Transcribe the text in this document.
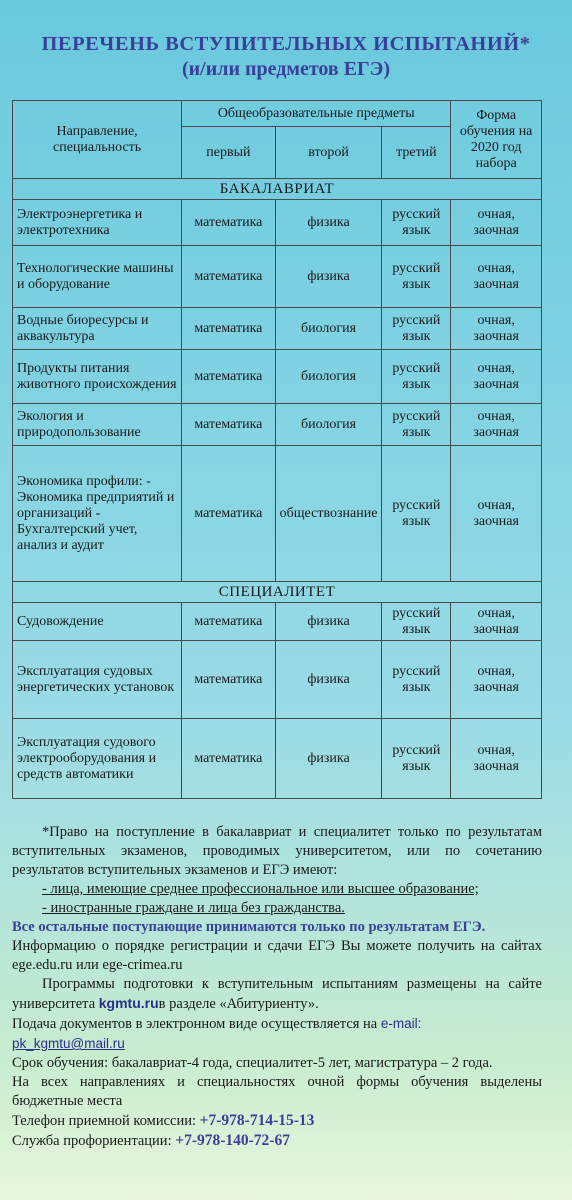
ПЕРЕЧЕНЬ ВСТУПИТЕЛЬНЫХ ИСПЫТАНИЙ*
(и/или предметов ЕГЭ)
Направление, специальность	Общеобразовательные предметы			Форма обучения на 2020 год набора
	первый	второй	третий	
БАКАЛАВРИАТ				
Электроэнергетика и электротехника	математика	физика	русский язык	очная, заочная
Технологические машины и оборудование	математика	физика	русский язык	очная, заочная
Водные биоресурсы и аквакультура	математика	биология	русский язык	очная, заочная
Продукты питания животного происхождения	математика	биология	русский язык	очная, заочная
Экология и природопользование	математика	биология	русский язык	очная, заочная
Экономика профили: - Экономика предприятий и организаций - Бухгалтерский учет, анализ и аудит	математика	обществознание	русский язык	очная, заочная
СПЕЦИАЛИТЕТ				
Судовождение	математика	физика	русский язык	очная, заочная
Эксплуатация судовых энергетических установок	математика	физика	русский язык	очная, заочная
Эксплуатация судового электрооборудования и средств автоматики	математика	физика	русский язык	очная, заочная

*Право на поступление в бакалавриат и специалитет только по результатам вступительных экзаменов, проводимых университетом, или по сочетанию результатов вступительных экзаменов и ЕГЭ имеют:

- лица, имеющие среднее профессиональное или высшее образование;

- иностранные граждане и лица без гражданства.

Все остальные поступающие принимаются только по результатам ЕГЭ.

Информацию о порядке регистрации и сдачи ЕГЭ Вы можете получить на сайтах ege.edu.ru или ege-crimea.ru

Программы подготовки к вступительным испытаниям размещены на сайте университета kgmtu.ruв разделе «Абитуриенту».

Подача документов в электронном виде осуществляется на e-mail:

pk_kgmtu@mail.ru

Срок обучения: бакалавриат-4 года, специалитет-5 лет, магистратура – 2 года.

На всех направлениях и специальностях очной формы обучения выделены бюджетные места

Телефон приемной комиссии: +7-978-714-15-13

Служба профориентации: +7-978-140-72-67
